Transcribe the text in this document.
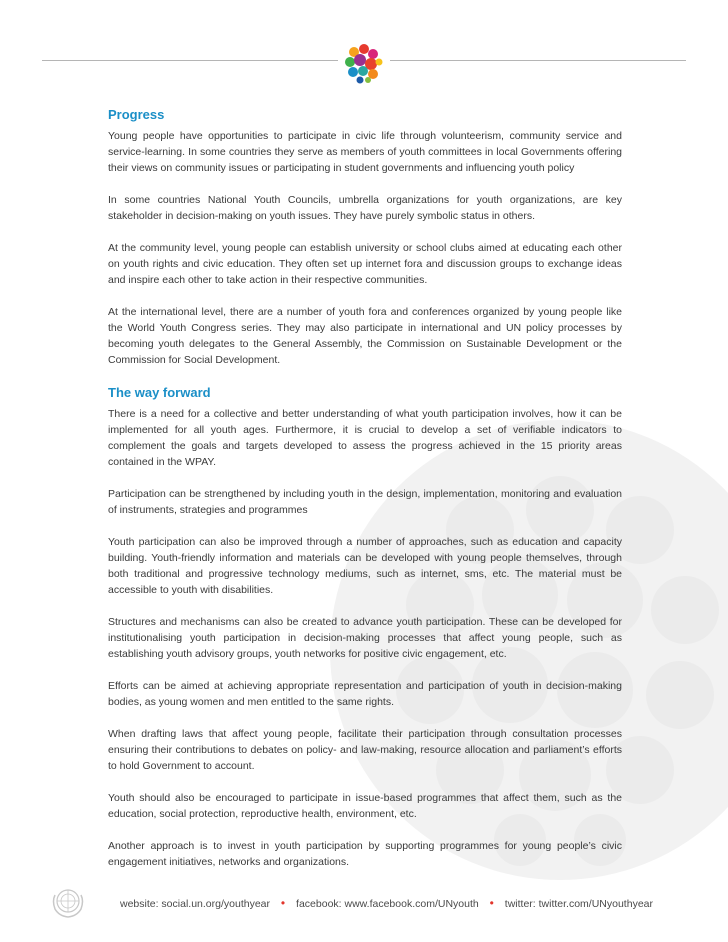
Progress

Young people have opportunities to participate in civic life through volunteerism, community service and service-learning. In some countries they serve as members of youth committees in local Governments offering their views on community issues or participating in student governments and influencing youth policy

In some countries National Youth Councils, umbrella organizations for youth organizations, are key stakeholder in decision-making on youth issues. They have purely symbolic status in others.

At the community level, young people can establish university or school clubs aimed at educating each other on youth rights and civic education. They often set up internet fora and discussion groups to exchange ideas and inspire each other to take action in their respective communities.

At the international level, there are a number of youth fora and conferences organized by young people like the World Youth Congress series. They may also participate in international and UN policy processes by becoming youth delegates to the General Assembly, the Commission on Sustainable Development or the Commission for Social Development.

The way forward

There is a need for a collective and better understanding of what youth participation involves, how it can be implemented for all youth ages. Furthermore, it is crucial to develop a set of verifiable indicators to complement the goals and targets developed to assess the progress achieved in the 15 priority areas contained in the WPAY.

Participation can be strengthened by including youth in the design, implementation, monitoring and evaluation of instruments, strategies and programmes

Youth participation can also be improved through a number of approaches, such as education and capacity building. Youth-friendly information and materials can be developed with young people themselves, through both traditional and progressive technology mediums, such as internet, sms, etc. The material must be accessible to youth with disabilities.

Structures and mechanisms can also be created to advance youth participation. These can be developed for institutionalising youth participation in decision-making processes that affect young people, such as establishing youth advisory groups, youth networks for positive civic engagement, etc.

Efforts can be aimed at achieving appropriate representation and participation of youth in decision-making bodies, as young women and men entitled to the same rights.

When drafting laws that affect young people, facilitate their participation through consultation processes ensuring their contributions to debates on policy- and law-making, resource allocation and parliament’s efforts to hold Government to account.

Youth should also be encouraged to participate in issue-based programmes that affect them, such as the education, social protection, reproductive health, environment, etc.

Another approach is to invest in youth participation by supporting programmes for young people’s civic engagement initiatives, networks and organizations.

website: social.un.org/youthyear • facebook: www.facebook.com/UNyouth • twitter: twitter.com/UNyouthyear
